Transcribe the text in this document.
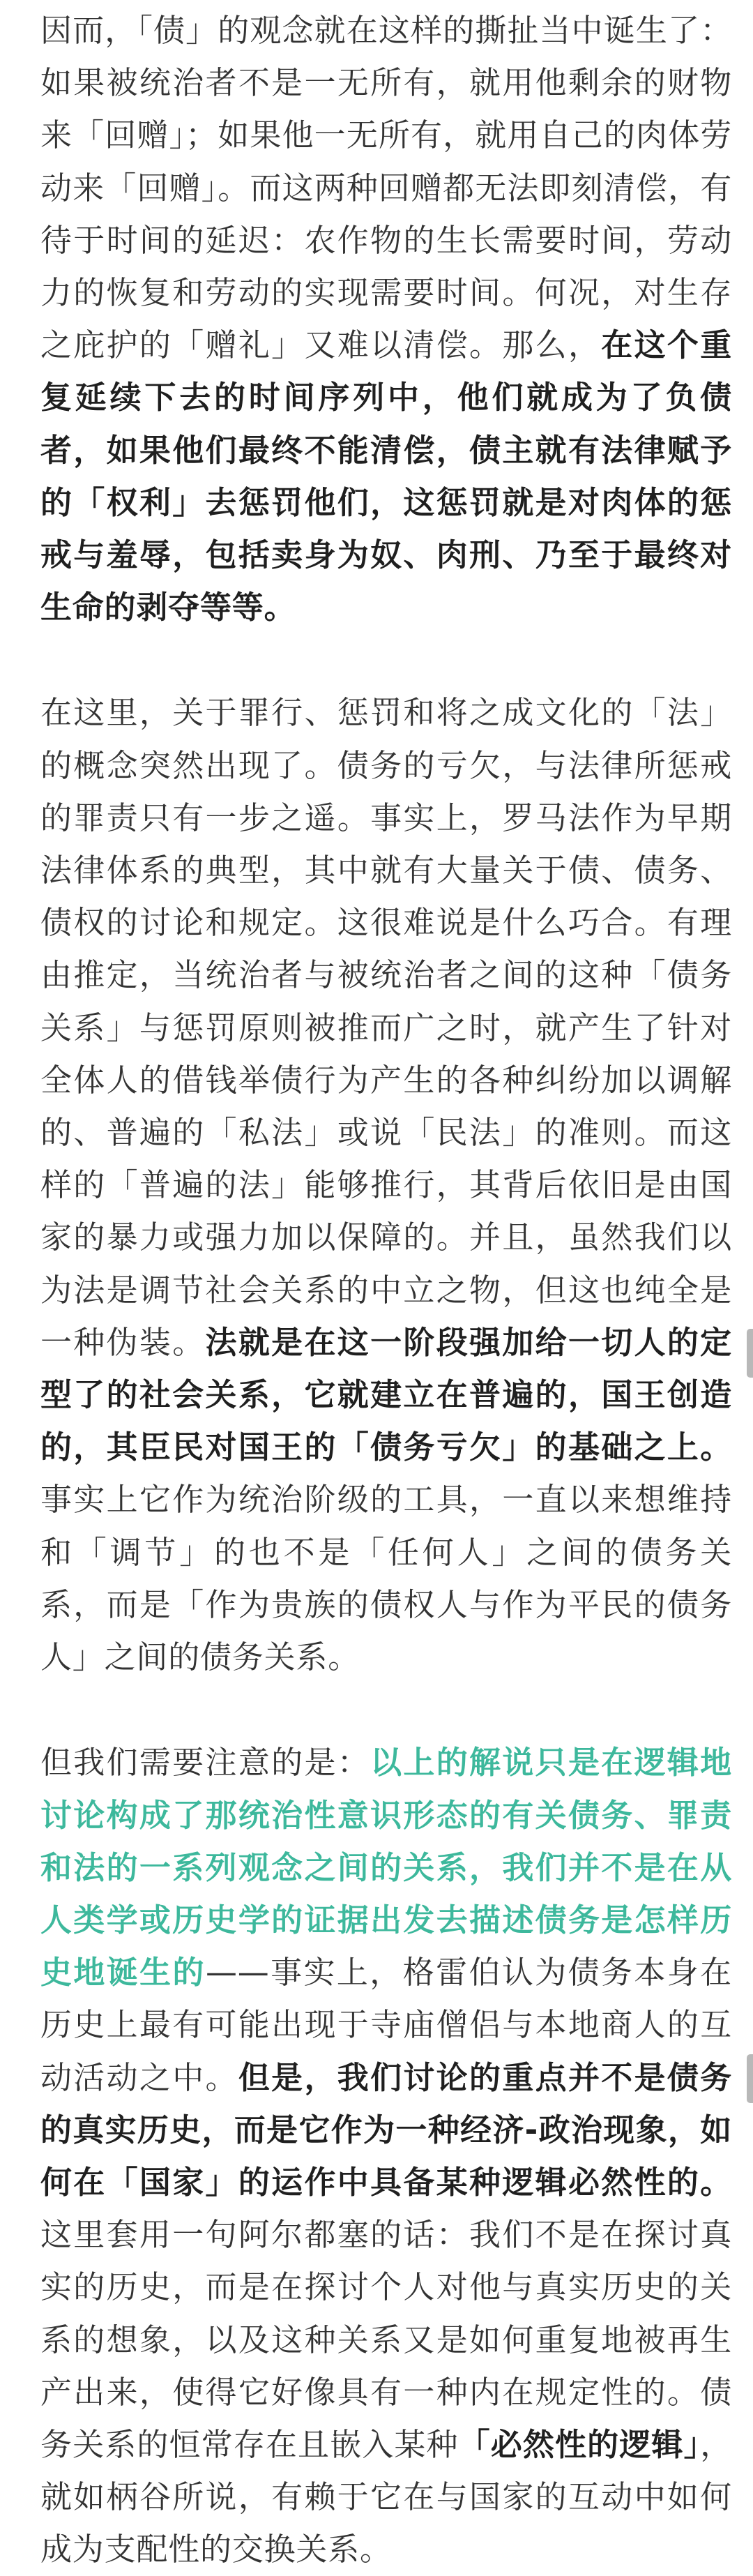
因而，「债」的观念就在这样的撕扯当中诞生了：如果被统治者不是一无所有，就用他剩余的财物来「回赠」；如果他一无所有，就用自己的肉体劳动来「回赠」。而这两种回赠都无法即刻清偿，有待于时间的延迟：农作物的生长需要时间，劳动力的恢复和劳动的实现需要时间。何况，对生存之庇护的「赠礼」又难以清偿。那么，在这个重复延续下去的时间序列中，他们就成为了负债者，如果他们最终不能清偿，债主就有法律赋予的「权利」去惩罚他们，这惩罚就是对肉体的惩戒与羞辱，包括卖身为奴、肉刑、乃至于最终对生命的剥夺等等。

在这里，关于罪行、惩罚和将之成文化的「法」的概念突然出现了。债务的亏欠，与法律所惩戒的罪责只有一步之遥。事实上，罗马法作为早期法律体系的典型，其中就有大量关于债、债务、债权的讨论和规定。这很难说是什么巧合。有理由推定，当统治者与被统治者之间的这种「债务关系」与惩罚原则被推而广之时，就产生了针对全体人的借钱举债行为产生的各种纠纷加以调解的、普遍的「私法」或说「民法」的准则。而这样的「普遍的法」能够推行，其背后依旧是由国家的暴力或强力加以保障的。并且，虽然我们以为法是调节社会关系的中立之物，但这也纯全是一种伪装。法就是在这一阶段强加给一切人的定型了的社会关系，它就建立在普遍的，国王创造的，其臣民对国王的「债务亏欠」的基础之上。事实上它作为统治阶级的工具，一直以来想维持和「调节」的也不是「任何人」之间的债务关系，而是「作为贵族的债权人与作为平民的债务人」之间的债务关系。

但我们需要注意的是：以上的解说只是在逻辑地讨论构成了那统治性意识形态的有关债务、罪责和法的一系列观念之间的关系，我们并不是在从人类学或历史学的证据出发去描述债务是怎样历史地诞生的——事实上，格雷伯认为债务本身在历史上最有可能出现于寺庙僧侣与本地商人的互动活动之中。但是，我们讨论的重点并不是债务的真实历史，而是它作为一种经济-政治现象，如何在「国家」的运作中具备某种逻辑必然性的。这里套用一句阿尔都塞的话：我们不是在探讨真实的历史，而是在探讨个人对他与真实历史的关系的想象，以及这种关系又是如何重复地被再生产出来，使得它好像具有一种内在规定性的。债务关系的恒常存在且嵌入某种「必然性的逻辑」，就如柄谷所说，有赖于它在与国家的互动中如何成为支配性的交换关系。
